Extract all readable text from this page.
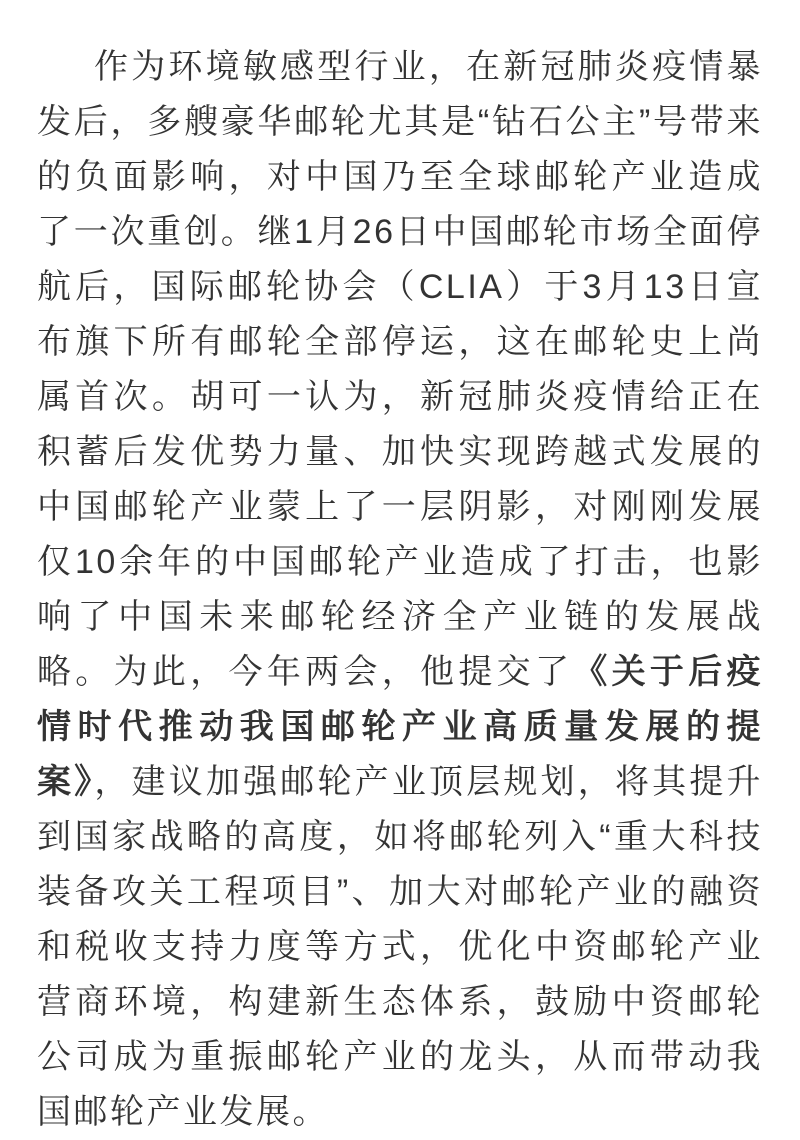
作为环境敏感型行业，在新冠肺炎疫情暴发后，多艘豪华邮轮尤其是“钻石公主”号带来的负面影响，对中国乃至全球邮轮产业造成了一次重创。继1月26日中国邮轮市场全面停航后，国际邮轮协会（CLIA）于3月13日宣布旗下所有邮轮全部停运，这在邮轮史上尚属首次。胡可一认为，新冠肺炎疫情给正在积蓄后发优势力量、加快实现跨越式发展的中国邮轮产业蒙上了一层阴影，对刚刚发展仅10余年的中国邮轮产业造成了打击，也影响了中国未来邮轮经济全产业链的发展战略。为此，今年两会，他提交了《关于后疫情时代推动我国邮轮产业高质量发展的提案》，建议加强邮轮产业顶层规划，将其提升到国家战略的高度，如将邮轮列入“重大科技装备攻关工程项目”、加大对邮轮产业的融资和税收支持力度等方式，优化中资邮轮产业营商环境，构建新生态体系，鼓励中资邮轮公司成为重振邮轮产业的龙头，从而带动我国邮轮产业发展。
